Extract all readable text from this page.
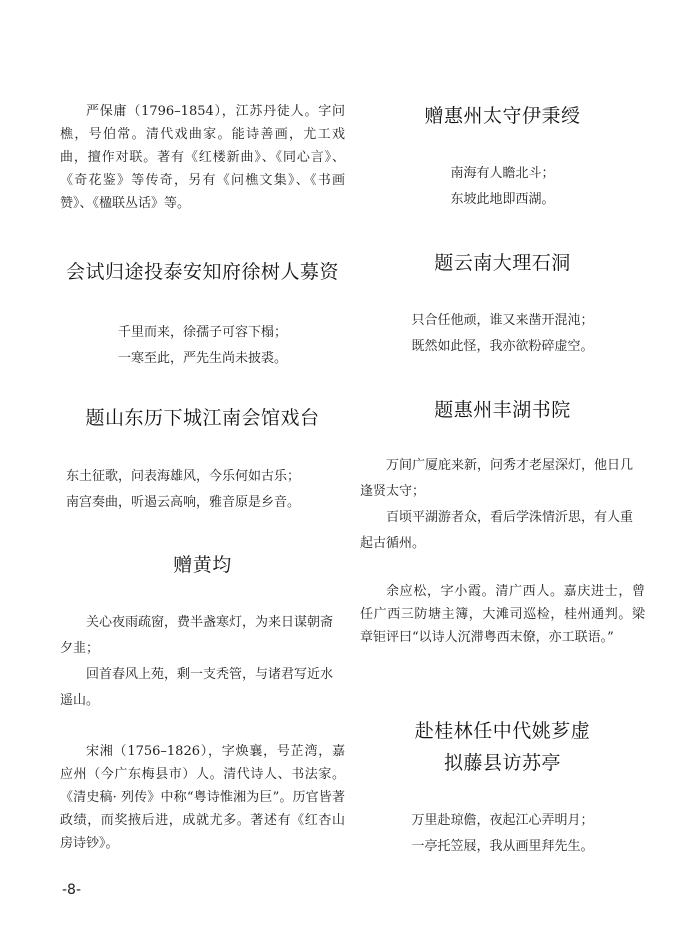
严保庸（1796–1854），江苏丹徒人。字问樵，号伯常。清代戏曲家。能诗善画，尤工戏曲，擅作对联。著有《红楼新曲》、《同心言》、《奇花鉴》等传奇，另有《问樵文集》、《书画赞》、《楹联丛话》等。

会试归途投泰安知府徐树人募资

千里而来，徐孺子可容下榻；

一寒至此，严先生尚未披裘。

题山东历下城江南会馆戏台

东土征歌，问表海雄风，今乐何如古乐；

南宫奏曲，听遏云高响，雅音原是乡音。

赠黄均

关心夜雨疏窗，费半盏寒灯，为来日谋朝斋夕韭；

回首春风上苑，剩一支秃管，与诸君写近水遥山。

宋湘（1756–1826），字焕襄，号芷湾，嘉应州（今广东梅县市）人。清代诗人、书法家。《清史稿· 列传》中称“粤诗惟湘为巨”。历官皆著政绩，而奖掖后进，成就尤多。著述有《红杏山房诗钞》。

赠惠州太守伊秉绶

南海有人瞻北斗；

东坡此地即西湖。

题云南大理石洞

只合任他顽，谁又来凿开混沌；

既然如此怪，我亦欲粉碎虚空。

题惠州丰湖书院

万间广厦庇来新，问秀才老屋深灯，他日几逢贤太守；

百顷平湖游者众，看后学洙情沂思，有人重起古循州。

余应松，字小霞。清广西人。嘉庆进士，曾任广西三防塘主簿，大滩司巡检，桂州通判。梁章钜评曰“以诗人沉滞粤西末僚，亦工联语。”

赴桂林任中代姚芗虚
拟藤县访苏亭

万里赴琼儋，夜起江心弄明月；

一亭托笠屐，我从画里拜先生。

-8-
